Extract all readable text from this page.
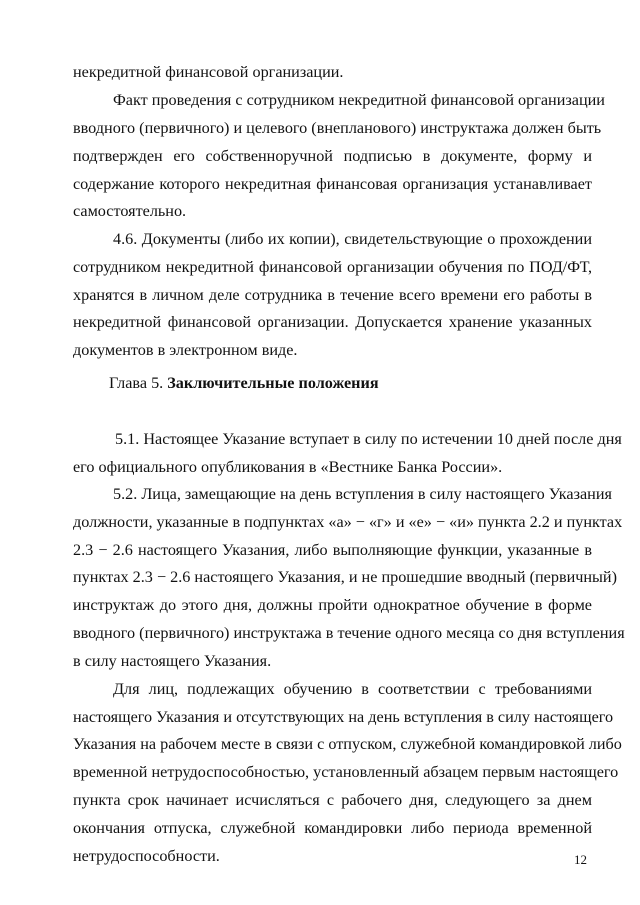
некредитной финансовой организации.
Факт проведения с сотрудником некредитной финансовой организации
вводного (первичного) и целевого (внепланового) инструктажа должен быть
подтвержден его собственноручной подписью в документе, форму и
содержание которого некредитная финансовая организация устанавливает
самостоятельно.
4.6. Документы (либо их копии), свидетельствующие о прохождении
сотрудником некредитной финансовой организации обучения по ПОД/ФТ,
хранятся в личном деле сотрудника в течение всего времени его работы в
некредитной финансовой организации. Допускается хранение указанных
документов в электронном виде.
Глава 5. Заключительные положения
5.1. Настоящее Указание вступает в силу по истечении 10 дней после дня
его официального опубликования в «Вестнике Банка России».
5.2. Лица, замещающие на день вступления в силу настоящего Указания
должности, указанные в подпунктах «а» − «г» и «е» − «и» пункта 2.2 и пунктах
2.3 − 2.6 настоящего Указания, либо выполняющие функции, указанные в
пунктах 2.3 − 2.6 настоящего Указания, и не прошедшие вводный (первичный)
инструктаж до этого дня, должны пройти однократное обучение в форме
вводного (первичного) инструктажа в течение одного месяца со дня вступления
в силу настоящего Указания.
Для лиц, подлежащих обучению в соответствии с требованиями
настоящего Указания и отсутствующих на день вступления в силу настоящего
Указания на рабочем месте в связи с отпуском, служебной командировкой либо
временной нетрудоспособностью, установленный абзацем первым настоящего
пункта срок начинает исчисляться с рабочего дня, следующего за днем
окончания отпуска, служебной командировки либо периода временной
нетрудоспособности.	12
